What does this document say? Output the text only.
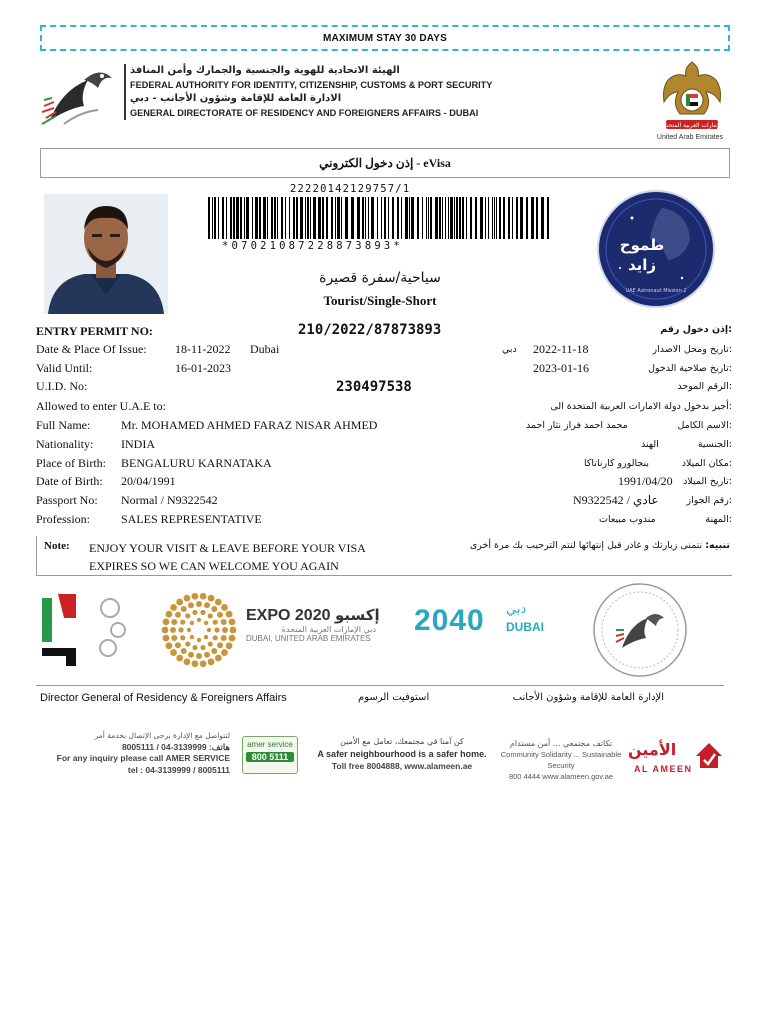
MAXIMUM STAY 30 DAYS
الهيئة الاتحادية للهوية والجنسية والجمارك وأمن المنافذ
FEDERAL AUTHORITY FOR IDENTITY, CITIZENSHIP, CUSTOMS & PORT SECURITY
الادارة العامة للإقامة وشؤون الأجانب - دبي
GENERAL DIRECTORATE OF RESIDENCY AND FOREIGNERS AFFAIRS - DUBAI
الإمارات العربية المتحدة
United Arab Emirates
إذن دخول الكتروني - eVisa
22220142129757/1
*07021087228873893*	طموح
زايد
UAE Astronaut Mission 2
سياحية/سفرة قصيرة
Tourist/Single-Short
ENTRY PERMIT NO:	210/2022/87873893	إذن دخول رقم:
Date & Place Of Issue: 18-11-2022 Dubai	دبي 2022-11-18	تاريخ ومحل الاصدار:
Valid Until:	16-01-2023	2023-01-16	تاريخ صلاحية الدخول:
U.I.D. No:	230497538	الرقم الموحد:
Allowed to enter U.A.E to:	أجيز بدخول دولة الامارات العربية المتحدة الى:
Full Name:	Mr. MOHAMED AHMED FARAZ NISAR AHMED	محمد احمد فراز نثار احمد	الاسم الكامل:
Nationality: INDIA	الهند	الجنسية:
Place of Birth: BENGALURU KARNATAKA	بنجالورو كارناتاكا	مكان الميلاد:
Date of Birth: 20/04/1991	1991/04/20 تاريخ الميلاد:
Passport No: Normal / N9322542	N9322542 / عادي	رقم الجواز:
Profession:	SALES REPRESENTATIVE	مندوب مبيعات	المهنة:
Note: ENJOY YOUR VISIT & LEAVE BEFORE YOUR VISA EXPIRES SO WE CAN WELCOME YOU AGAIN
تنبيه: نتمنى زيارتك و غادر قبل إنتهائها لنتم الترحيب بك مرة أخرى
EXPO 2020 إكسبو
دبي الإمارات العربية المتحدة
DUBAI, UNITED ARAB EMIRATES
2040 دبي
DUBAI
Director General of Residency & Foreigners Affairs	استوفيت الرسوم	الإدارة العامة للإقامة وشؤون الأجانب
لتتواصل مع الإدارة برجى الإتصال بخدمة أمر
8005111 / 04-3139999 :هاتف
For any inquiry please call AMER SERVICE
tel : 04-3139999 / 8005111
amer service
800 5111
كن آمنا في مجتمعك، تعامل مع الأمين
A safer neighbourhood is a safer home.
Toll free 8004888, www.alameen.ae
تكاتف مجتمعي ... أمن مستدام
Community Solidarity ... Sustainable Security
800 4444 www.alameen.gov.ae
الأمين
AL AMEEN
